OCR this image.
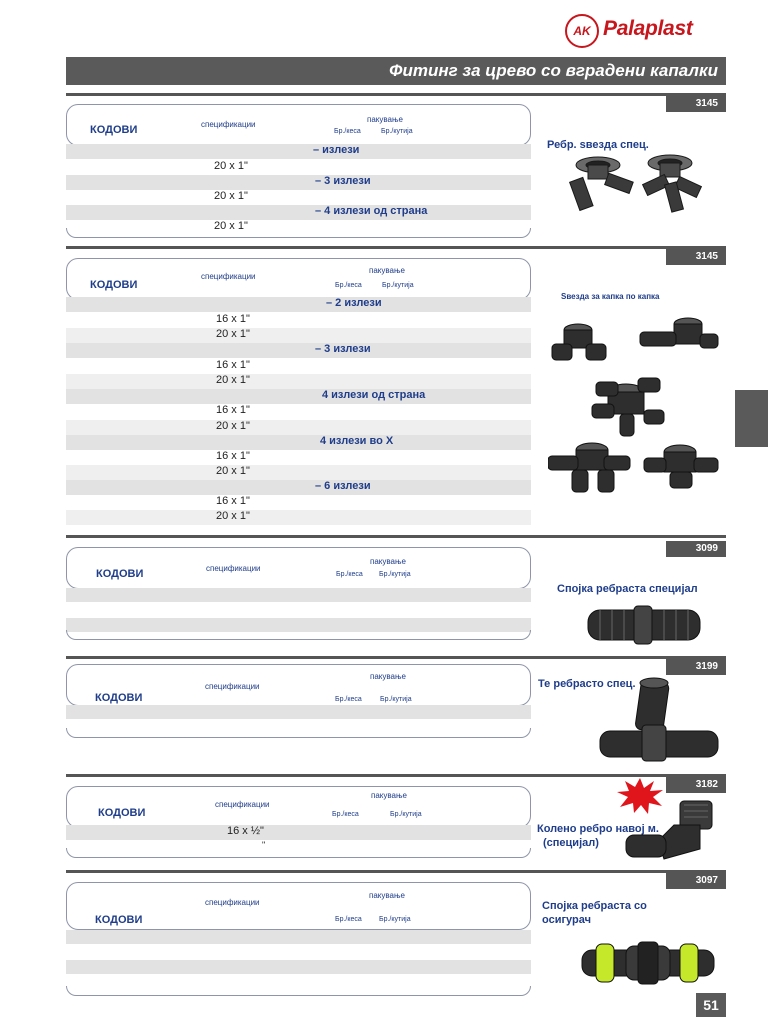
AK Palaplast
Фитинг за црево со вградени капалки
3145
КОДОВИ	спецификации
пакување
Бр./кеса	Бр./кутија
– излези
20 x 1"
– 3 излези
20 x 1"
– 4 излези од страна
20 x 1"
Ребр. ѕвезда спец.
3145
КОДОВИ
спецификации
пакување
Бр./кеса	Бр./кутија
– 2 излези
16 x 1"
20 x 1"
– 3 излези
16 x 1"
20 x 1"
4 излези од страна
16 x 1"
20 x 1"
4 излези во X
16 x 1"
20 x 1"
– 6 излези
16 x 1"
20 x 1"
Ѕвезда за капка по капка
3099
КОДОВИ	спецификации
пакување
Бр./кеса Бр./кутија
Спојка ребраста специјал
3199
КОДОВИ
спецификации
пакување
Бр./кеса	Бр./кутија
Те ребрасто спец.
3182
КОДОВИ
спецификации
пакување
Бр./кеса	Бр./кутија
16 x ½"
"
Колено ребро навој м.
(специјал)
3097
КОДОВИ
спецификации
пакување
Бр./кеса Бр./кутија
Спојка ребраста со
осигурач
51
